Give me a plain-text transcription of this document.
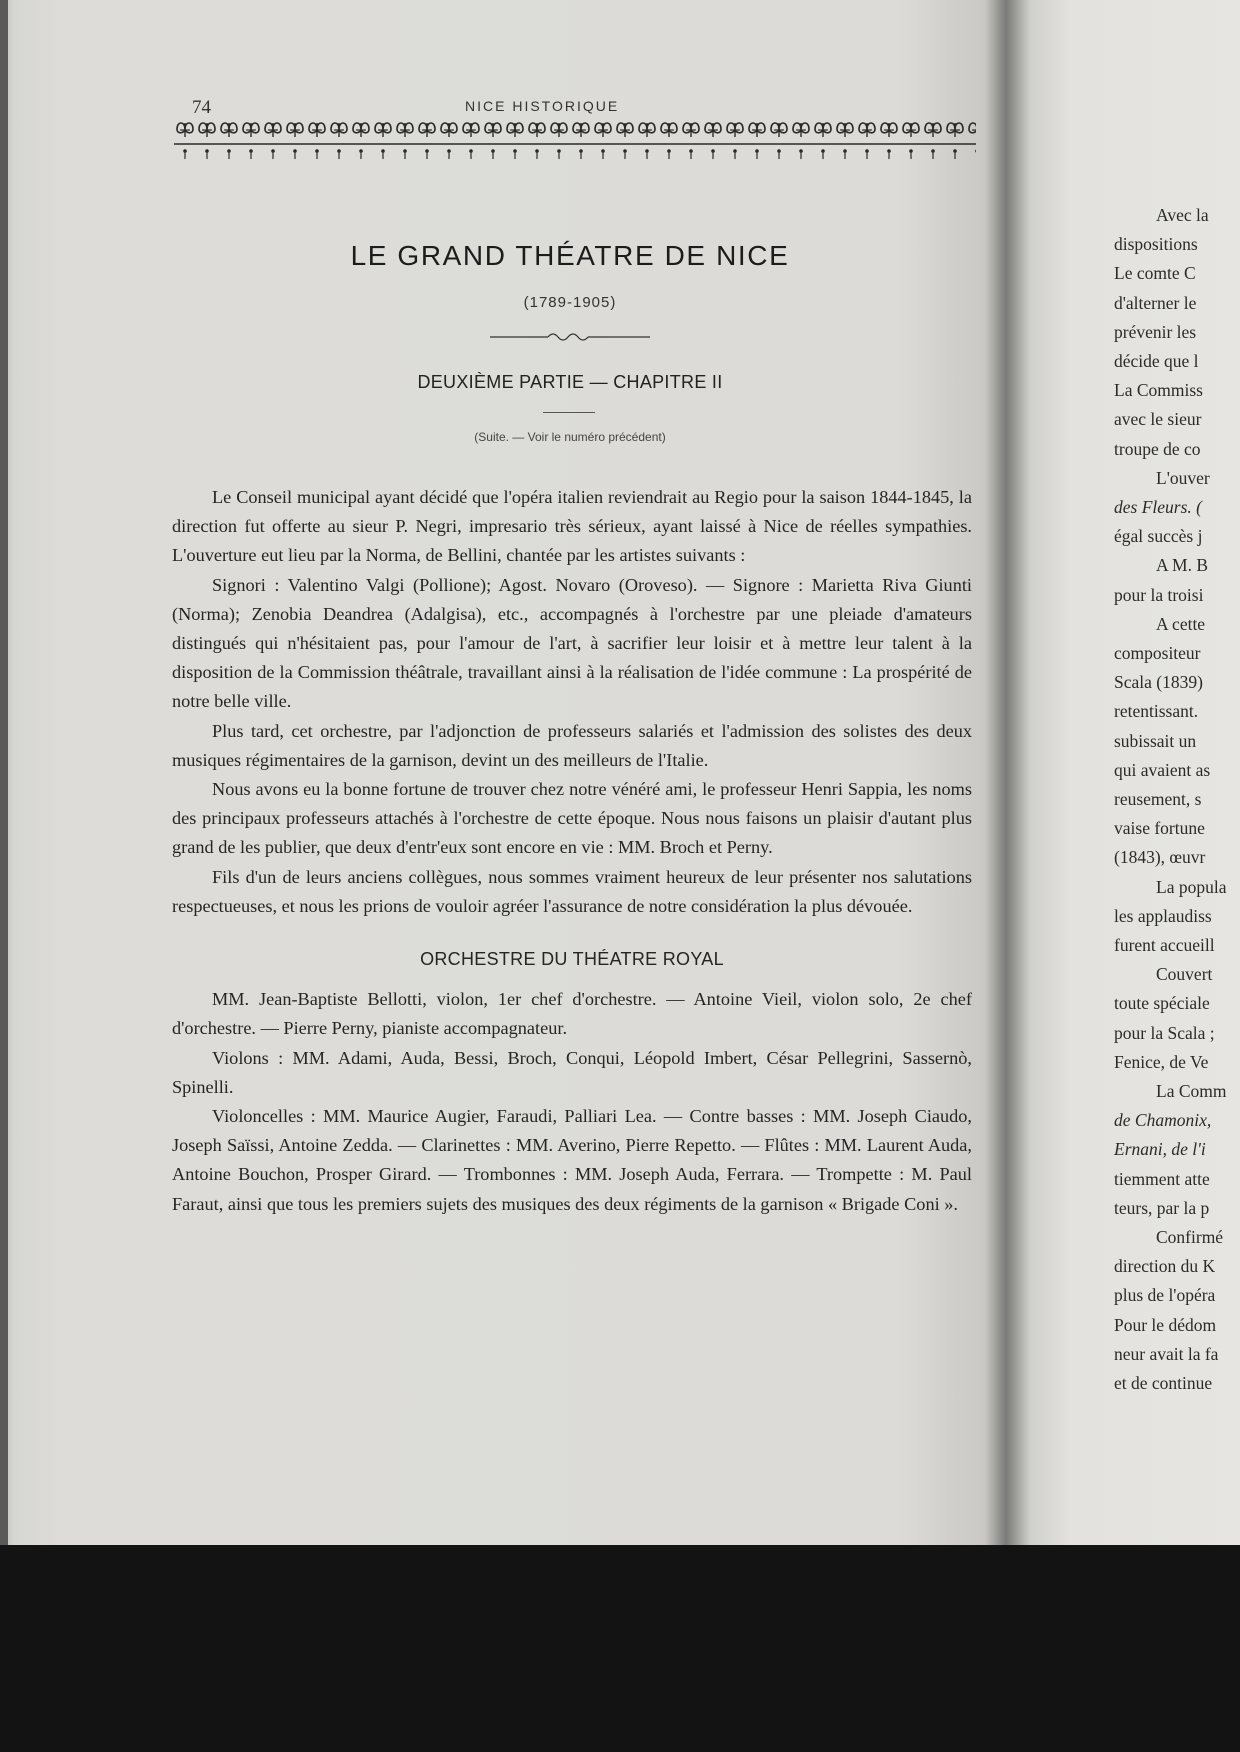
74	NICE HISTORIQUE
LE GRAND THÉATRE DE NICE
(1789-1905)
DEUXIÈME PARTIE — CHAPITRE II
(Suite. — Voir le numéro précédent)

Le Conseil municipal ayant décidé que l'opéra italien reviendrait au Regio pour la saison 1844-1845, la direction fut offerte au sieur P. Negri, impresario très sérieux, ayant laissé à Nice de réelles sympathies. L'ouverture eut lieu par la Norma, de Bellini, chantée par les artistes suivants :

Signori : Valentino Valgi (Pollione); Agost. Novaro (Oroveso). — Signore : Marietta Riva Giunti (Norma); Zenobia Deandrea (Adalgisa), etc., accompagnés à l'orchestre par une pleiade d'amateurs distingués qui n'hésitaient pas, pour l'amour de l'art, à sacrifier leur loisir et à mettre leur talent à la disposition de la Commission théâtrale, travaillant ainsi à la réalisation de l'idée commune : La prospérité de notre belle ville.

Plus tard, cet orchestre, par l'adjonction de professeurs salariés et l'admission des solistes des deux musiques régimentaires de la garnison, devint un des meilleurs de l'Italie.

Nous avons eu la bonne fortune de trouver chez notre vénéré ami, le professeur Henri Sappia, les noms des principaux professeurs attachés à l'orchestre de cette époque. Nous nous faisons un plaisir d'autant plus grand de les publier, que deux d'entr'eux sont encore en vie : MM. Broch et Perny.

Fils d'un de leurs anciens collègues, nous sommes vraiment heureux de leur présenter nos salutations respectueuses, et nous les prions de vouloir agréer l'assurance de notre considération la plus dévouée.

ORCHESTRE DU THÉATRE ROYAL

MM. Jean-Baptiste Bellotti, violon, 1er chef d'orchestre. — Antoine Vieil, violon solo, 2e chef d'orchestre. — Pierre Perny, pianiste accompagnateur.

Violons : MM. Adami, Auda, Bessi, Broch, Conqui, Léopold Imbert, César Pellegrini, Sassernò, Spinelli.

Violoncelles : MM. Maurice Augier, Faraudi, Palliari Lea. — Contre basses : MM. Joseph Ciaudo, Joseph Saïssi, Antoine Zedda. — Clarinettes : MM. Averino, Pierre Repetto. — Flûtes : MM. Laurent Auda, Antoine Bouchon, Prosper Girard. — Trombonnes : MM. Joseph Auda, Ferrara. — Trompette : M. Paul Faraut, ainsi que tous les premiers sujets des musiques des deux régiments de la garnison « Brigade Coni ».

Avec la
dispositions
Le comte C
d'alterner le
prévenir les
décide que l
La Commiss
avec le sieur
troupe de co
L'ouver
des Fleurs. (
égal succès j
A M. B
pour la troisi
A cette
compositeur
Scala (1839)
retentissant.
subissait un
qui avaient as
reusement, s
vaise fortune
(1843), œuvr
La popula
les applaudiss
furent accueill
Couvert
toute spéciale
pour la Scala ;
Fenice, de Ve
La Comm
de Chamonix,
Ernani, de l'i
tiemment atte
teurs, par la p
Confirmé
direction du K
plus de l'opéra
Pour le dédom
neur avait la fa
et de continue
